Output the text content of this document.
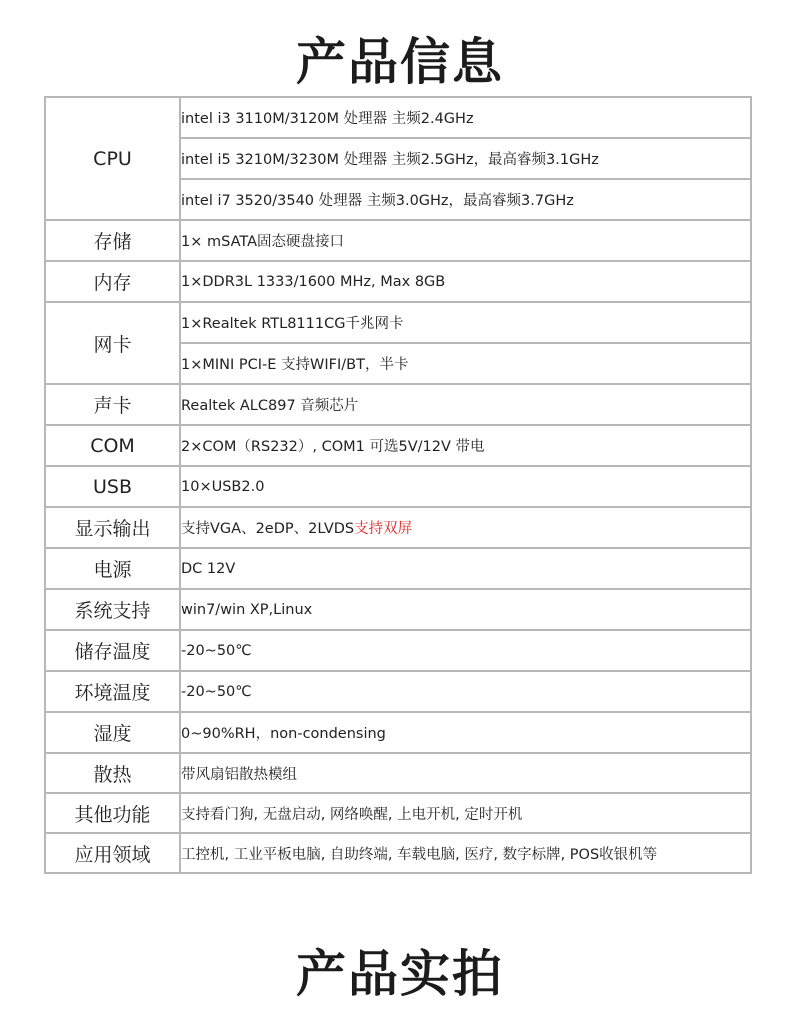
产品信息
CPU	intel i3 3110M/3120M 处理器 主频2.4GHz
	intel i5 3210M/3230M 处理器 主频2.5GHz，最高睿频3.1GHz
	intel i7 3520/3540 处理器 主频3.0GHz，最高睿频3.7GHz
存储	1× mSATA固态硬盘接口
内存	1×DDR3L 1333/1600 MHz, Max 8GB
网卡	1×Realtek RTL8111CG千兆网卡
	1×MINI PCI-E 支持WIFI/BT，半卡
声卡	Realtek ALC897 音频芯片
COM	2×COM（RS232）, COM1 可选5V/12V 带电
USB	10×USB2.0
显示输出	支持VGA、2eDP、2LVDS支持双屏
电源	DC 12V
系统支持	win7/win XP,Linux
储存温度	-20~50℃
环境温度	-20~50℃
湿度	0~90%RH，non-condensing
散热	带风扇铝散热模组
其他功能	支持看门狗, 无盘启动, 网络唤醒, 上电开机, 定时开机
应用领域	工控机, 工业平板电脑, 自助终端, 车载电脑, 医疗, 数字标牌, POS收银机等
产品实拍
